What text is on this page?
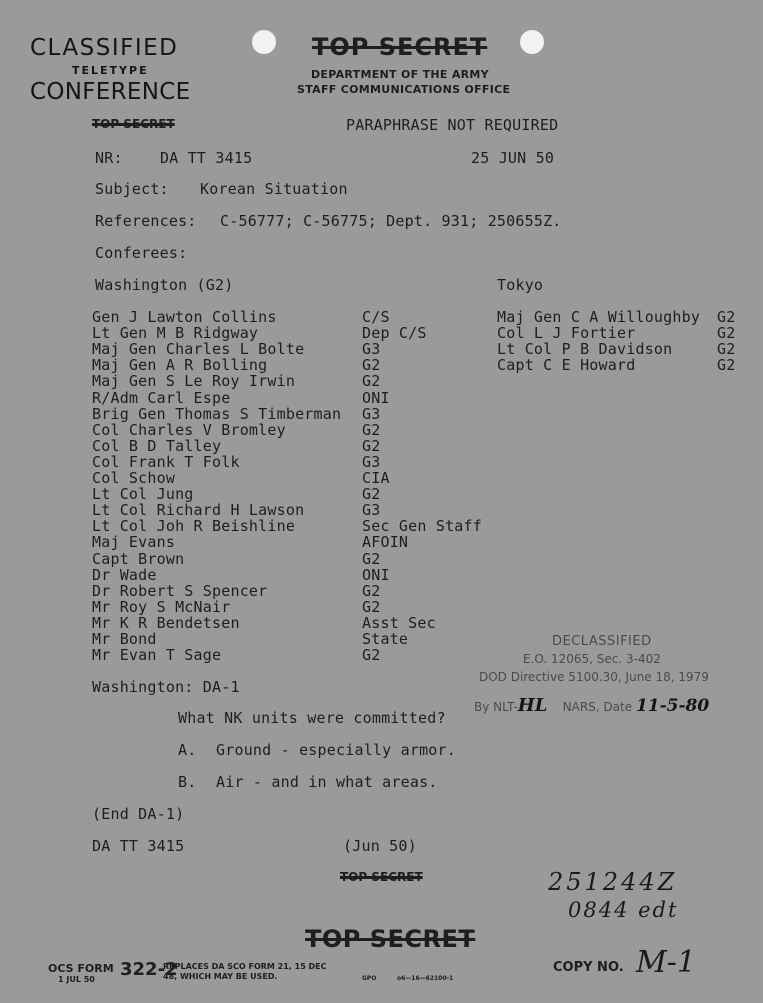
CLASSIFIED
TELETYPE
CONFERENCE
TOP SECRET
DEPARTMENT OF THE ARMY
STAFF COMMUNICATIONS OFFICE
TOP SECRET	PARAPHRASE NOT REQUIRED
NR: DA TT 3415	25 JUN 50
Subject: Korean Situation
References: C-56777; C-56775; Dept. 931; 250655Z.
Conferees:
Washington (G2)	Tokyo
Gen J Lawton Collins	C/S
Lt Gen M B Ridgway	Dep C/S
Maj Gen Charles L Bolte	G3
Maj Gen A R Bolling	G2
Maj Gen S Le Roy Irwin	G2
R/Adm Carl Espe	ONI
Brig Gen Thomas S Timberman G3
Col Charles V Bromley	G2
Col B D Talley	G2
Col Frank T Folk	G3
Col Schow	CIA
Lt Col Jung	G2
Lt Col Richard H Lawson	G3
Lt Col Joh R Beishline	Sec Gen Staff
Maj Evans	AFOIN
Capt Brown	G2
Dr Wade	ONI
Dr Robert S Spencer	G2
Mr Roy S McNair	G2
Mr K R Bendetsen	Asst Sec
Mr Bond	State
Mr Evan T Sage	G2
Maj Gen C A Willoughby G2
Col L J Fortier	G2
Lt Col P B Davidson	G2
Capt C E Howard	G2
Washington: DA-1
What NK units were committed?
A. Ground - especially armor.
B. Air - and in what areas.
(End DA-1)
DA TT 3415	(Jun 50)
DECLASSIFIED
E.O. 12065, Sec. 3-402
DOD Directive 5100.30, June 18, 1979
By NLT-HL NARS, Date 11-5-80
TOP SECRET
TOP SECRET
251244Z
0844 edt
OCS FORM
1 JUL 50 322-2
REPLACES DA SCO FORM 21, 15 DEC
48, WHICH MAY BE USED.	GPO	o6—16—62100-1
COPY NO. M-1
